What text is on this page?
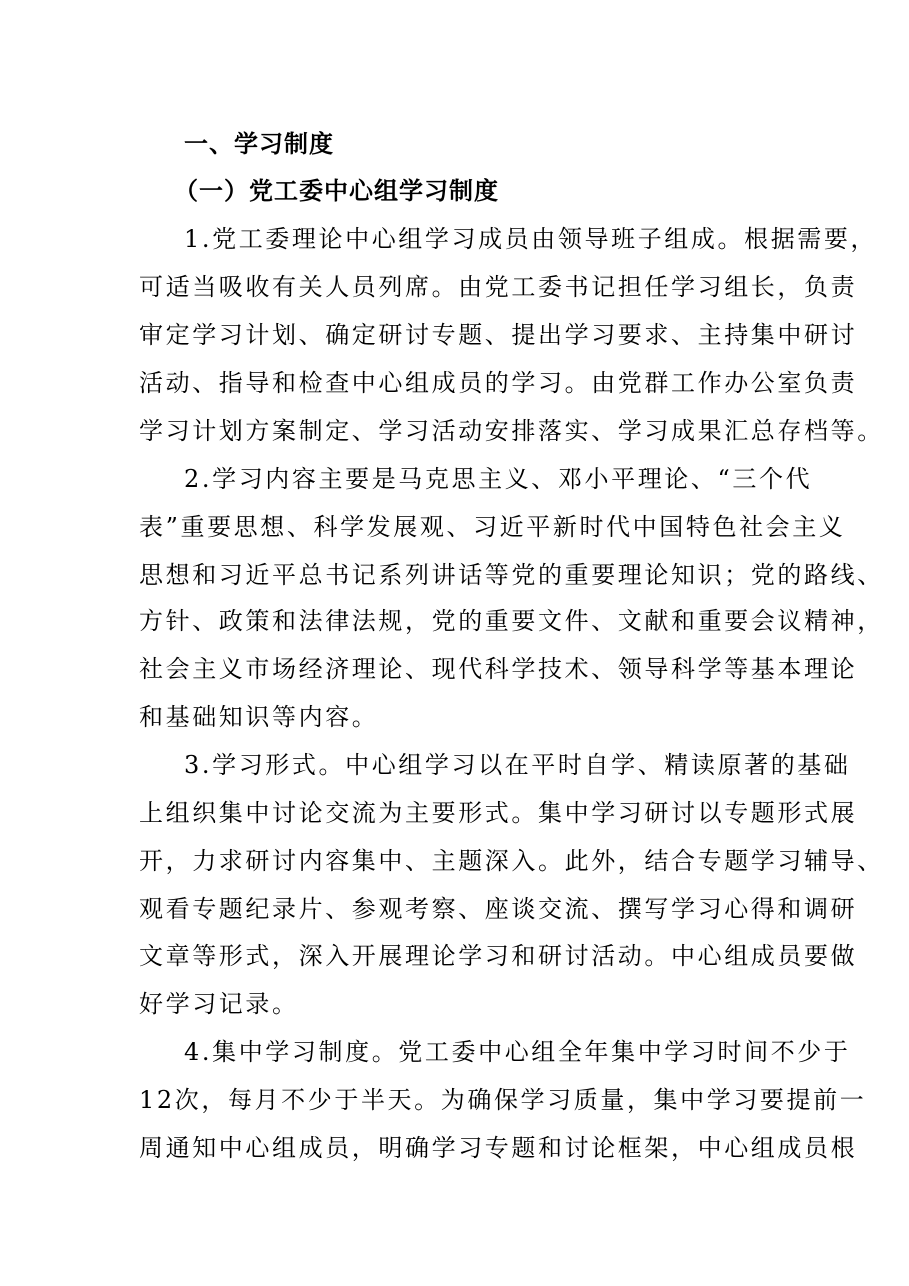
一、学习制度
（一）党工委中心组学习制度
1.党工委理论中心组学习成员由领导班子组成。根据需要，
可适当吸收有关人员列席。由党工委书记担任学习组长，负责
审定学习计划、确定研讨专题、提出学习要求、主持集中研讨
活动、指导和检查中心组成员的学习。由党群工作办公室负责
学习计划方案制定、学习活动安排落实、学习成果汇总存档等。
2.学习内容主要是马克思主义、邓小平理论、“三个代
表”重要思想、科学发展观、习近平新时代中国特色社会主义
思想和习近平总书记系列讲话等党的重要理论知识；党的路线、
方针、政策和法律法规，党的重要文件、文献和重要会议精神，
社会主义市场经济理论、现代科学技术、领导科学等基本理论
和基础知识等内容。
3.学习形式。中心组学习以在平时自学、精读原著的基础
上组织集中讨论交流为主要形式。集中学习研讨以专题形式展
开，力求研讨内容集中、主题深入。此外，结合专题学习辅导、
观看专题纪录片、参观考察、座谈交流、撰写学习心得和调研
文章等形式，深入开展理论学习和研讨活动。中心组成员要做
好学习记录。
4.集中学习制度。党工委中心组全年集中学习时间不少于
12次，每月不少于半天。为确保学习质量，集中学习要提前一
周通知中心组成员，明确学习专题和讨论框架，中心组成员根
